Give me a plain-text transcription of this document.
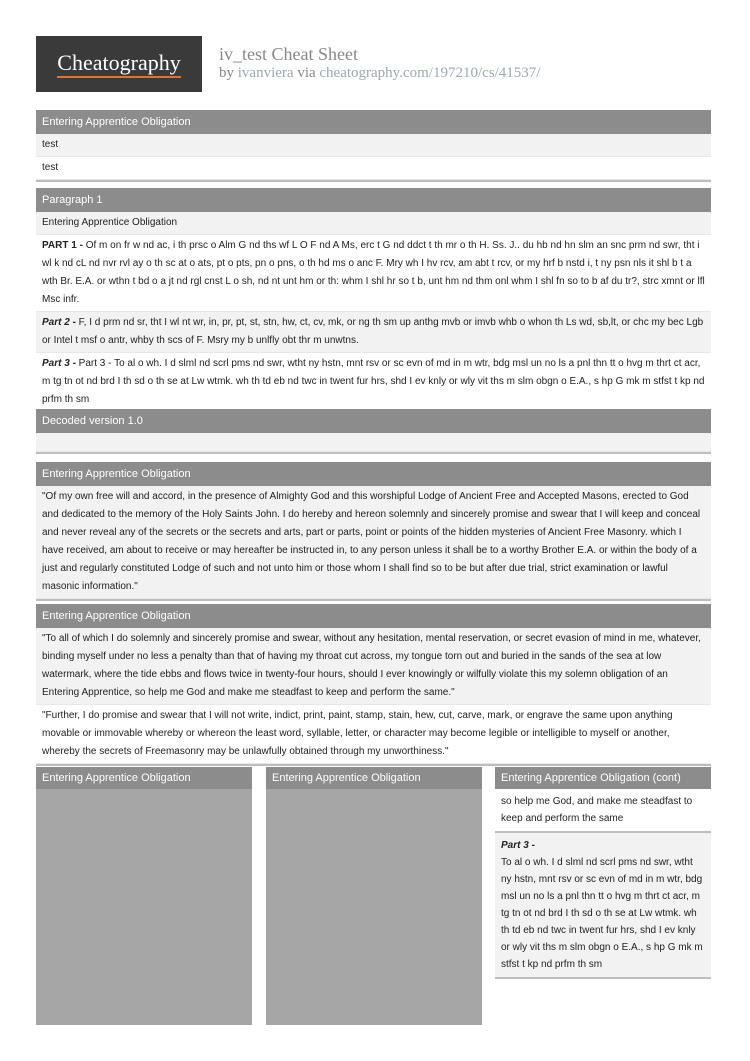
Cheatography iv_test Cheat Sheet
by ivanviera via cheatography.com/197210/cs/41537/
Entering Apprentice Obligation
test
test
Paragraph 1
Entering Apprentice Obligation
PART 1 - Of m on fr w nd ac, i th prsc o Alm G nd ths wf L O F nd A Ms, erc t G nd ddct t th mr o th H. Ss. J.. du hb nd hn slm an snc prm nd swr, tht i wl k nd cL nd nvr rvl ay o th sc at o ats, pt o pts, pn o pns, o th hd ms o anc F. Mry wh I hv rcv, am abt t rcv, or my hrf b nstd i, t ny psn nls it shl b t a wth Br. E.A. or wthn t bd o a jt nd rgl cnst L o sh, nd nt unt hm or th: whm I shl hr so t b, unt hm nd thm onl whm I shl fn so to b af du tr?, strc xmnt or lfl Msc infr.
Part 2 - F, I d prm nd sr, tht I wl nt wr, in, pr, pt, st, stn, hw, ct, cv, mk, or ng th sm up anthg mvb or imvb whb o whon th Ls wd, sb,lt, or chc my bec Lgb or Intel t msf o antr, whby th scs of F. Msry my b unlfly obt thr m unwtns.
Part 3 - Part 3 - To al o wh. I d slml nd scrl pms nd swr, wtht ny hstn, mnt rsv or sc evn of md in m wtr, bdg msl un no ls a pnl thn tt o hvg m thrt ct acr, m tg tn ot nd brd I th sd o th se at Lw wtmk. wh th td eb nd twc in twent fur hrs, shd I ev knly or wly vit ths m slm obgn o E.A., s hp G mk m stfst t kp nd prfm th sm
Decoded version 1.0
Entering Apprentice Obligation
"Of my own free will and accord, in the presence of Almighty God and this worshipful Lodge of Ancient Free and Accepted Masons, erected to God and dedicated to the memory of the Holy Saints John. I do hereby and hereon solemnly and sincerely promise and swear that I will keep and conceal and never reveal any of the secrets or the secrets and arts, part or parts, point or points of the hidden mysteries of Ancient Free Masonry. which I have received, am about to receive or may hereafter be instructed in, to any person unless it shall be to a worthy Brother E.A. or within the body of a just and regularly constituted Lodge of such and not unto him or those whom I shall find so to be but after due trial, strict examination or lawful masonic information."
Entering Apprentice Obligation
"To all of which I do solemnly and sincerely promise and swear, without any hesitation, mental reservation, or secret evasion of mind in me, whatever, binding myself under no less a penalty than that of having my throat cut across, my tongue torn out and buried in the sands of the sea at low watermark, where the tide ebbs and flows twice in twenty-four hours, should I ever knowingly or wilfully violate this my solemn obligation of an Entering Apprentice, so help me God and make me steadfast to keep and perform the same."
"Further, I do promise and swear that I will not write, indict, print, paint, stamp, stain, hew, cut, carve, mark, or engrave the same upon anything movable or immovable whereby or whereon the least word, syllable, letter, or character may become legible or intelligible to myself or another, whereby the secrets of Freemasonry may be unlawfully obtained through my unworthiness."
Entering Apprentice Obligation	Entering Apprentice Obligation	Entering Apprentice Obligation (cont)
so help me God, and make me steadfast to keep and perform the same
Part 3 -
To al o wh. I d slml nd scrl pms nd swr, wtht ny hstn, mnt rsv or sc evn of md in m wtr, bdg msl un no ls a pnl thn tt o hvg m thrt ct acr, m tg tn ot nd brd I th sd o th se at Lw wtmk. wh th td eb nd twc in twent fur hrs, shd I ev knly or wly vit ths m slm obgn o E.A., s hp G mk m stfst t kp nd prfm th sm
